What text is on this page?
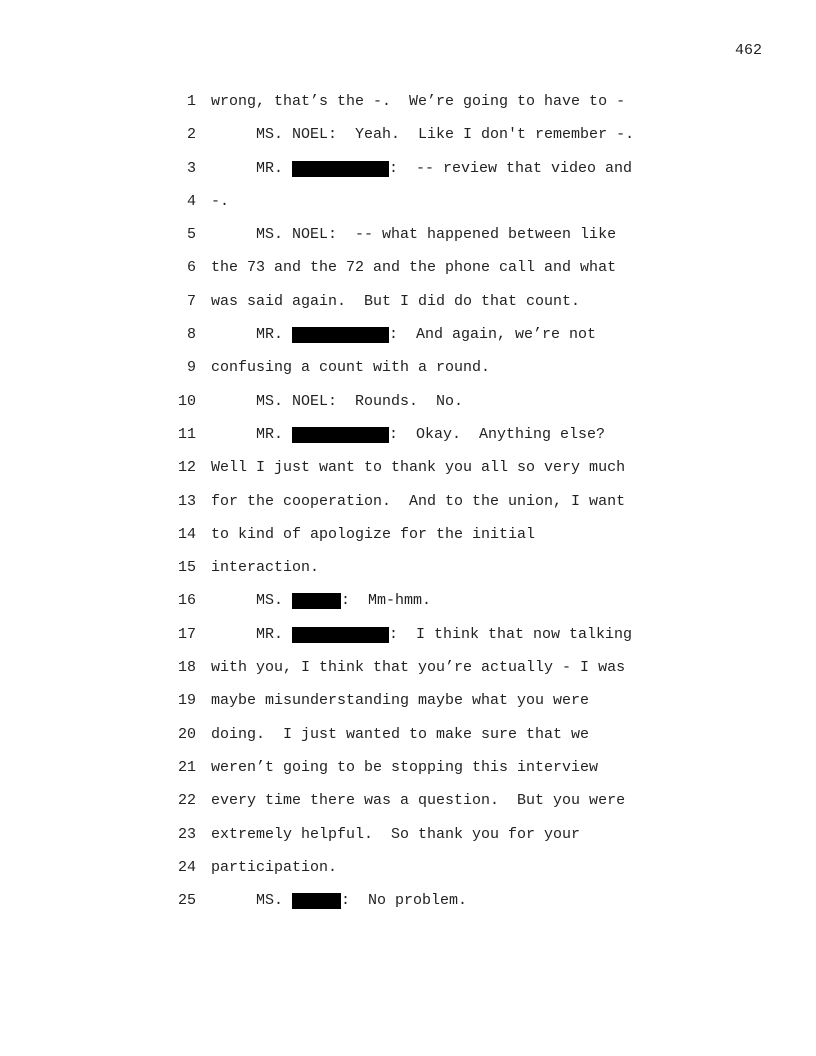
462
1 wrong, that’s the -.  We’re going to have to -
2 MS. NOEL:  Yeah.  Like I don't remember -.
3 MR.	:  -- review that video and
4 -.
5 MS. NOEL:  -- what happened between like
6 the 73 and the 72 and the phone call and what
7 was said again.  But I did do that count.
8 MR.	:  And again, we’re not
9 confusing a count with a round.
10 MS. NOEL:  Rounds.  No.
11 MR.	:  Okay.  Anything else?
12 Well I just want to thank you all so very much
13 for the cooperation.  And to the union, I want
14 to kind of apologize for the initial
15 interaction.
16 MS.	:  Mm-hmm.
17 MR.	:  I think that now talking
18 with you, I think that you’re actually - I was
19 maybe misunderstanding maybe what you were
20 doing.  I just wanted to make sure that we
21 weren’t going to be stopping this interview
22 every time there was a question.  But you were
23 extremely helpful.  So thank you for your
24 participation.
25 MS.	:  No problem.
